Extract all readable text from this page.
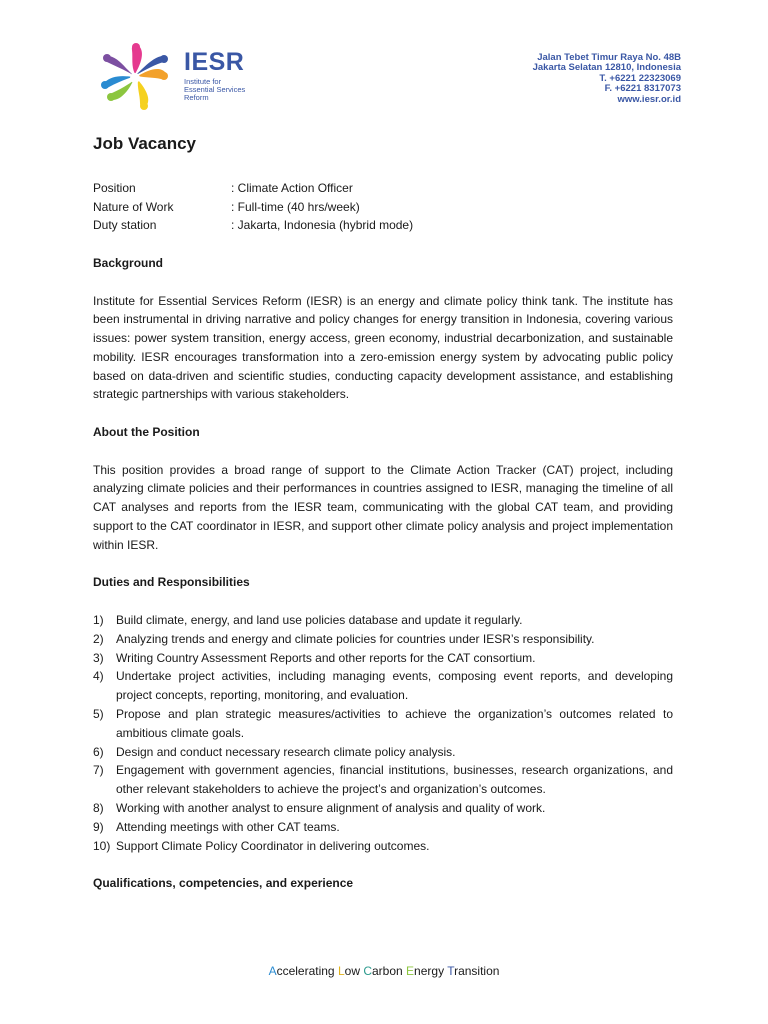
IESR
Institute for
Essential Services
Reform
Jalan Tebet Timur Raya No. 48B
Jakarta Selatan 12810, Indonesia
T. +6221 22323069
F. +6221 8317073
www.iesr.or.id
Job Vacancy
Position	: Climate Action Officer
Nature of Work	: Full-time (40 hrs/week)
Duty station	: Jakarta, Indonesia (hybrid mode)

Background

Institute for Essential Services Reform (IESR) is an energy and climate policy think tank. The institute has been instrumental in driving narrative and policy changes for energy transition in Indonesia, covering various issues: power system transition, energy access, green economy, industrial decarbonization, and sustainable mobility. IESR encourages transformation into a zero-emission energy system by advocating public policy based on data-driven and scientific studies, conducting capacity development assistance, and establishing strategic partnerships with various stakeholders.

About the Position

This position provides a broad range of support to the Climate Action Tracker (CAT) project, including analyzing climate policies and their performances in countries assigned to IESR, managing the timeline of all CAT analyses and reports from the IESR team, communicating with the global CAT team, and providing support to the CAT coordinator in IESR, and support other climate policy analysis and project implementation within IESR.

Duties and Responsibilities

1)	Build climate, energy, and land use policies database and update it regularly.
2)	Analyzing trends and energy and climate policies for countries under IESR’s responsibility.
3)	Writing Country Assessment Reports and other reports for the CAT consortium.
4)	Undertake project activities, including managing events, composing event reports, and developing project concepts, reporting, monitoring, and evaluation.
5)	Propose and plan strategic measures/activities to achieve the organization’s outcomes related to ambitious climate goals.
6)	Design and conduct necessary research climate policy analysis.
7)	Engagement with government agencies, financial institutions, businesses, research organizations, and other relevant stakeholders to achieve the project’s and organization’s outcomes.
8)	Working with another analyst to ensure alignment of analysis and quality of work.
9)	Attending meetings with other CAT teams.
10) Support Climate Policy Coordinator in delivering outcomes.

Qualifications, competencies, and experience

Accelerating Low Carbon Energy Transition
